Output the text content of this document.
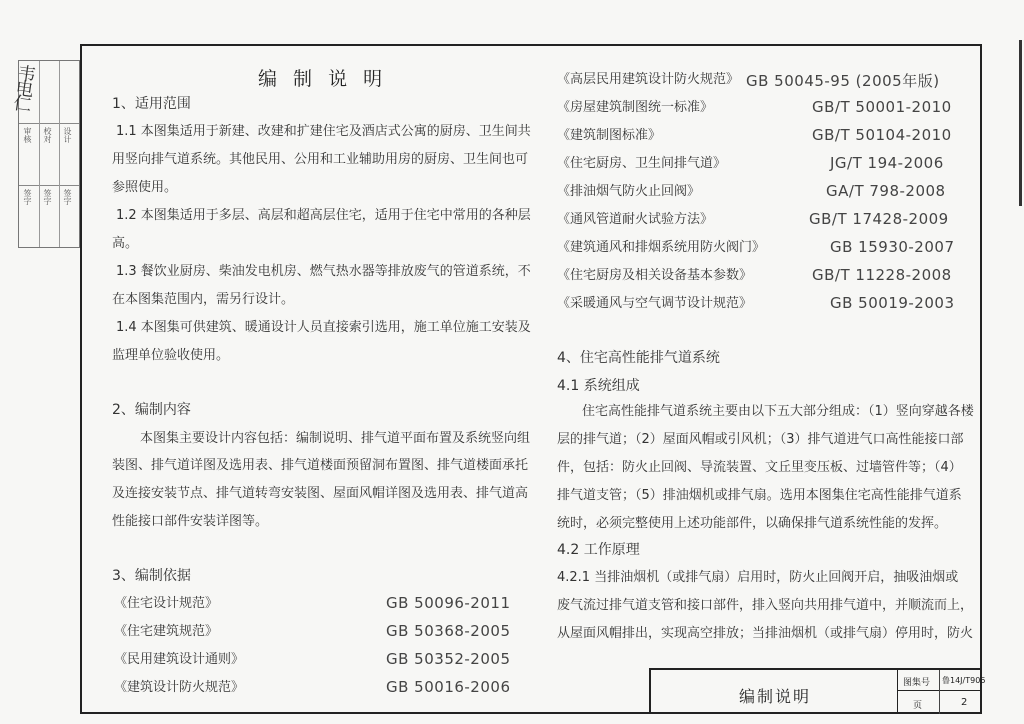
审核 校对 设计
签字 签字 签字
韦电仁	编 制 说 明
1、适用范围
1.1 本图集适用于新建、改建和扩建住宅及酒店式公寓的厨房、卫生间共
用竖向排气道系统。其他民用、公用和工业辅助用房的厨房、卫生间也可
参照使用。
1.2 本图集适用于多层、高层和超高层住宅，适用于住宅中常用的各种层
高。
1.3 餐饮业厨房、柴油发电机房、燃气热水器等排放废气的管道系统，不
在本图集范围内，需另行设计。
1.4 本图集可供建筑、暖通设计人员直接索引选用，施工单位施工安装及
监理单位验收使用。
2、编制内容
本图集主要设计内容包括：编制说明、排气道平面布置及系统竖向组
装图、排气道详图及选用表、排气道楼面预留洞布置图、排气道楼面承托
及连接安装节点、排气道转弯安装图、屋面风帽详图及选用表、排气道高
性能接口部件安装详图等。
3、编制依据
《住宅设计规范》	GB 50096-2011
《住宅建筑规范》	GB 50368-2005
《民用建筑设计通则》	GB 50352-2005
《建筑设计防火规范》	GB 50016-2006
《高层民用建筑设计防火规范》 GB 50045-95 (2005年版)
《房屋建筑制图统一标准》	GB/T 50001-2010
《建筑制图标准》	GB/T 50104-2010
《住宅厨房、卫生间排气道》	JG/T 194-2006
《排油烟气防火止回阀》	GA/T 798-2008
《通风管道耐火试验方法》	GB/T 17428-2009
《建筑通风和排烟系统用防火阀门》	GB 15930-2007
《住宅厨房及相关设备基本参数》	GB/T 11228-2008
《采暖通风与空气调节设计规范》	GB 50019-2003
4、住宅高性能排气道系统
4.1 系统组成
住宅高性能排气道系统主要由以下五大部分组成：（1）竖向穿越各楼
层的排气道；（2）屋面风帽或引风机；（3）排气道进气口高性能接口部
件，包括：防火止回阀、导流装置、文丘里变压板、过墙管件等；（4）
排气道支管；（5）排油烟机或排气扇。选用本图集住宅高性能排气道系
统时，必须完整使用上述功能部件，以确保排气道系统性能的发挥。
4.2 工作原理
4.2.1 当排油烟机（或排气扇）启用时，防火止回阀开启，抽吸油烟或
废气流过排气道支管和接口部件，排入竖向共用排气道中，并顺流而上，
从屋面风帽排出，实现高空排放；当排油烟机（或排气扇）停用时，防火
编制说明
图集号 鲁14J/T906
页	2
